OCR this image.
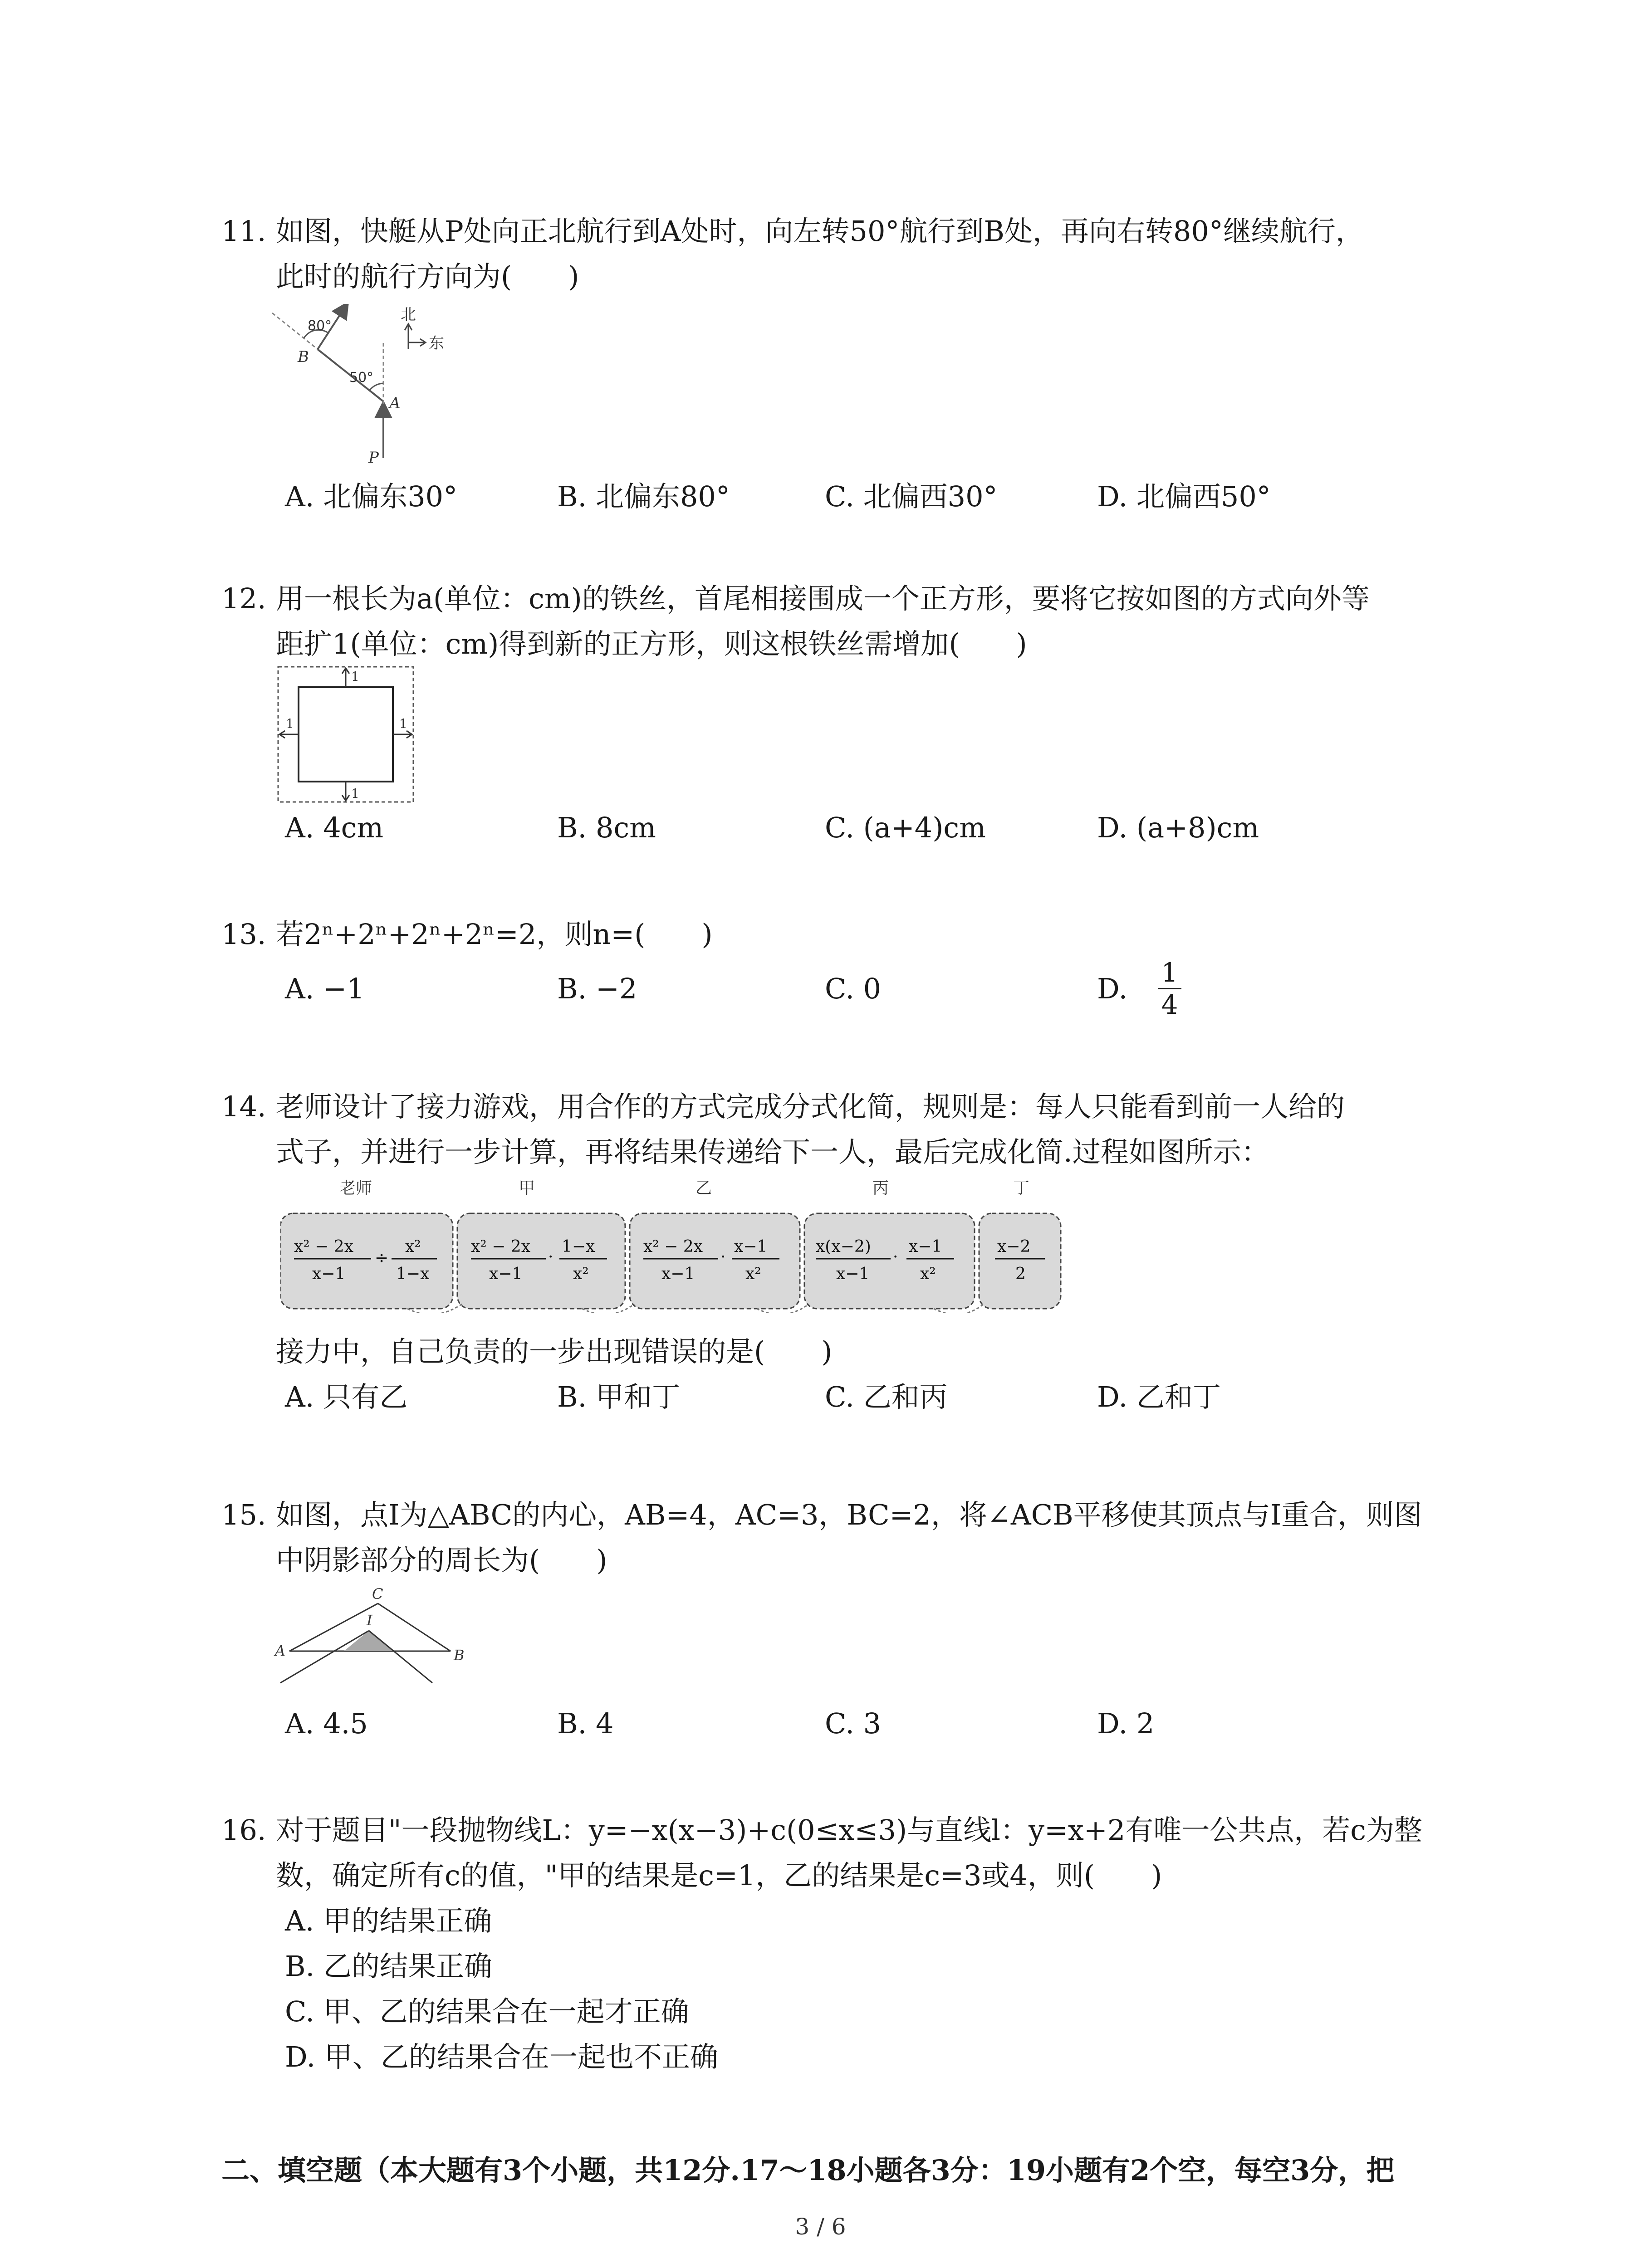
11. 如图，快艇从P处向正北航行到A处时，向左转50°航行到B处，再向右转80°继续航行，
此时的航行方向为(　　)
80°
50°
B
A
P
北
东
A. 北偏东30°	B. 北偏东80°	C. 北偏西30°	D. 北偏西50°
12. 用一根长为a(单位：cm)的铁丝，首尾相接围成一个正方形，要将它按如图的方式向外等
距扩1(单位：cm)得到新的正方形，则这根铁丝需增加(　　)
1
1
1	1
A. 4cm	B. 8cm	C. (a+4)cm	D. (a+8)cm
13. 若2ⁿ+2ⁿ+2ⁿ+2ⁿ=2，则n=(　　)
A. −1	B. −2	C. 0	D. 1
4
14. 老师设计了接力游戏，用合作的方式完成分式化简，规则是：每人只能看到前一人给的
式子，并进行一步计算，再将结果传递给下一人，最后完成化简.过程如图所示：
老师	甲	乙	丙	丁
x² − 2x
x−1
÷
x²
1−x
x² − 2x
x−1
·
1−x
x²
x² − 2x
x−1
·
x−1
x²
x(x−2)
x−1
·
x−1
x²
x−2
2
接力中，自己负责的一步出现错误的是(　　)
A. 只有乙	B. 甲和丁	C. 乙和丙	D. 乙和丁
15. 如图，点I为△ABC的内心，AB=4，AC=3，BC=2，将∠ACB平移使其顶点与I重合，则图
中阴影部分的周长为(　　)
C
I
A	B
A. 4.5	B. 4	C. 3	D. 2
16. 对于题目"一段抛物线L：y=−x(x−3)+c(0≤x≤3)与直线l：y=x+2有唯一公共点，若c为整
数，确定所有c的值，"甲的结果是c=1，乙的结果是c=3或4，则(　　)
A. 甲的结果正确
B. 乙的结果正确
C. 甲、乙的结果合在一起才正确
D. 甲、乙的结果合在一起也不正确
二、填空题（本大题有3个小题，共12分.17～18小题各3分：19小题有2个空，每空3分，把
3 / 6
